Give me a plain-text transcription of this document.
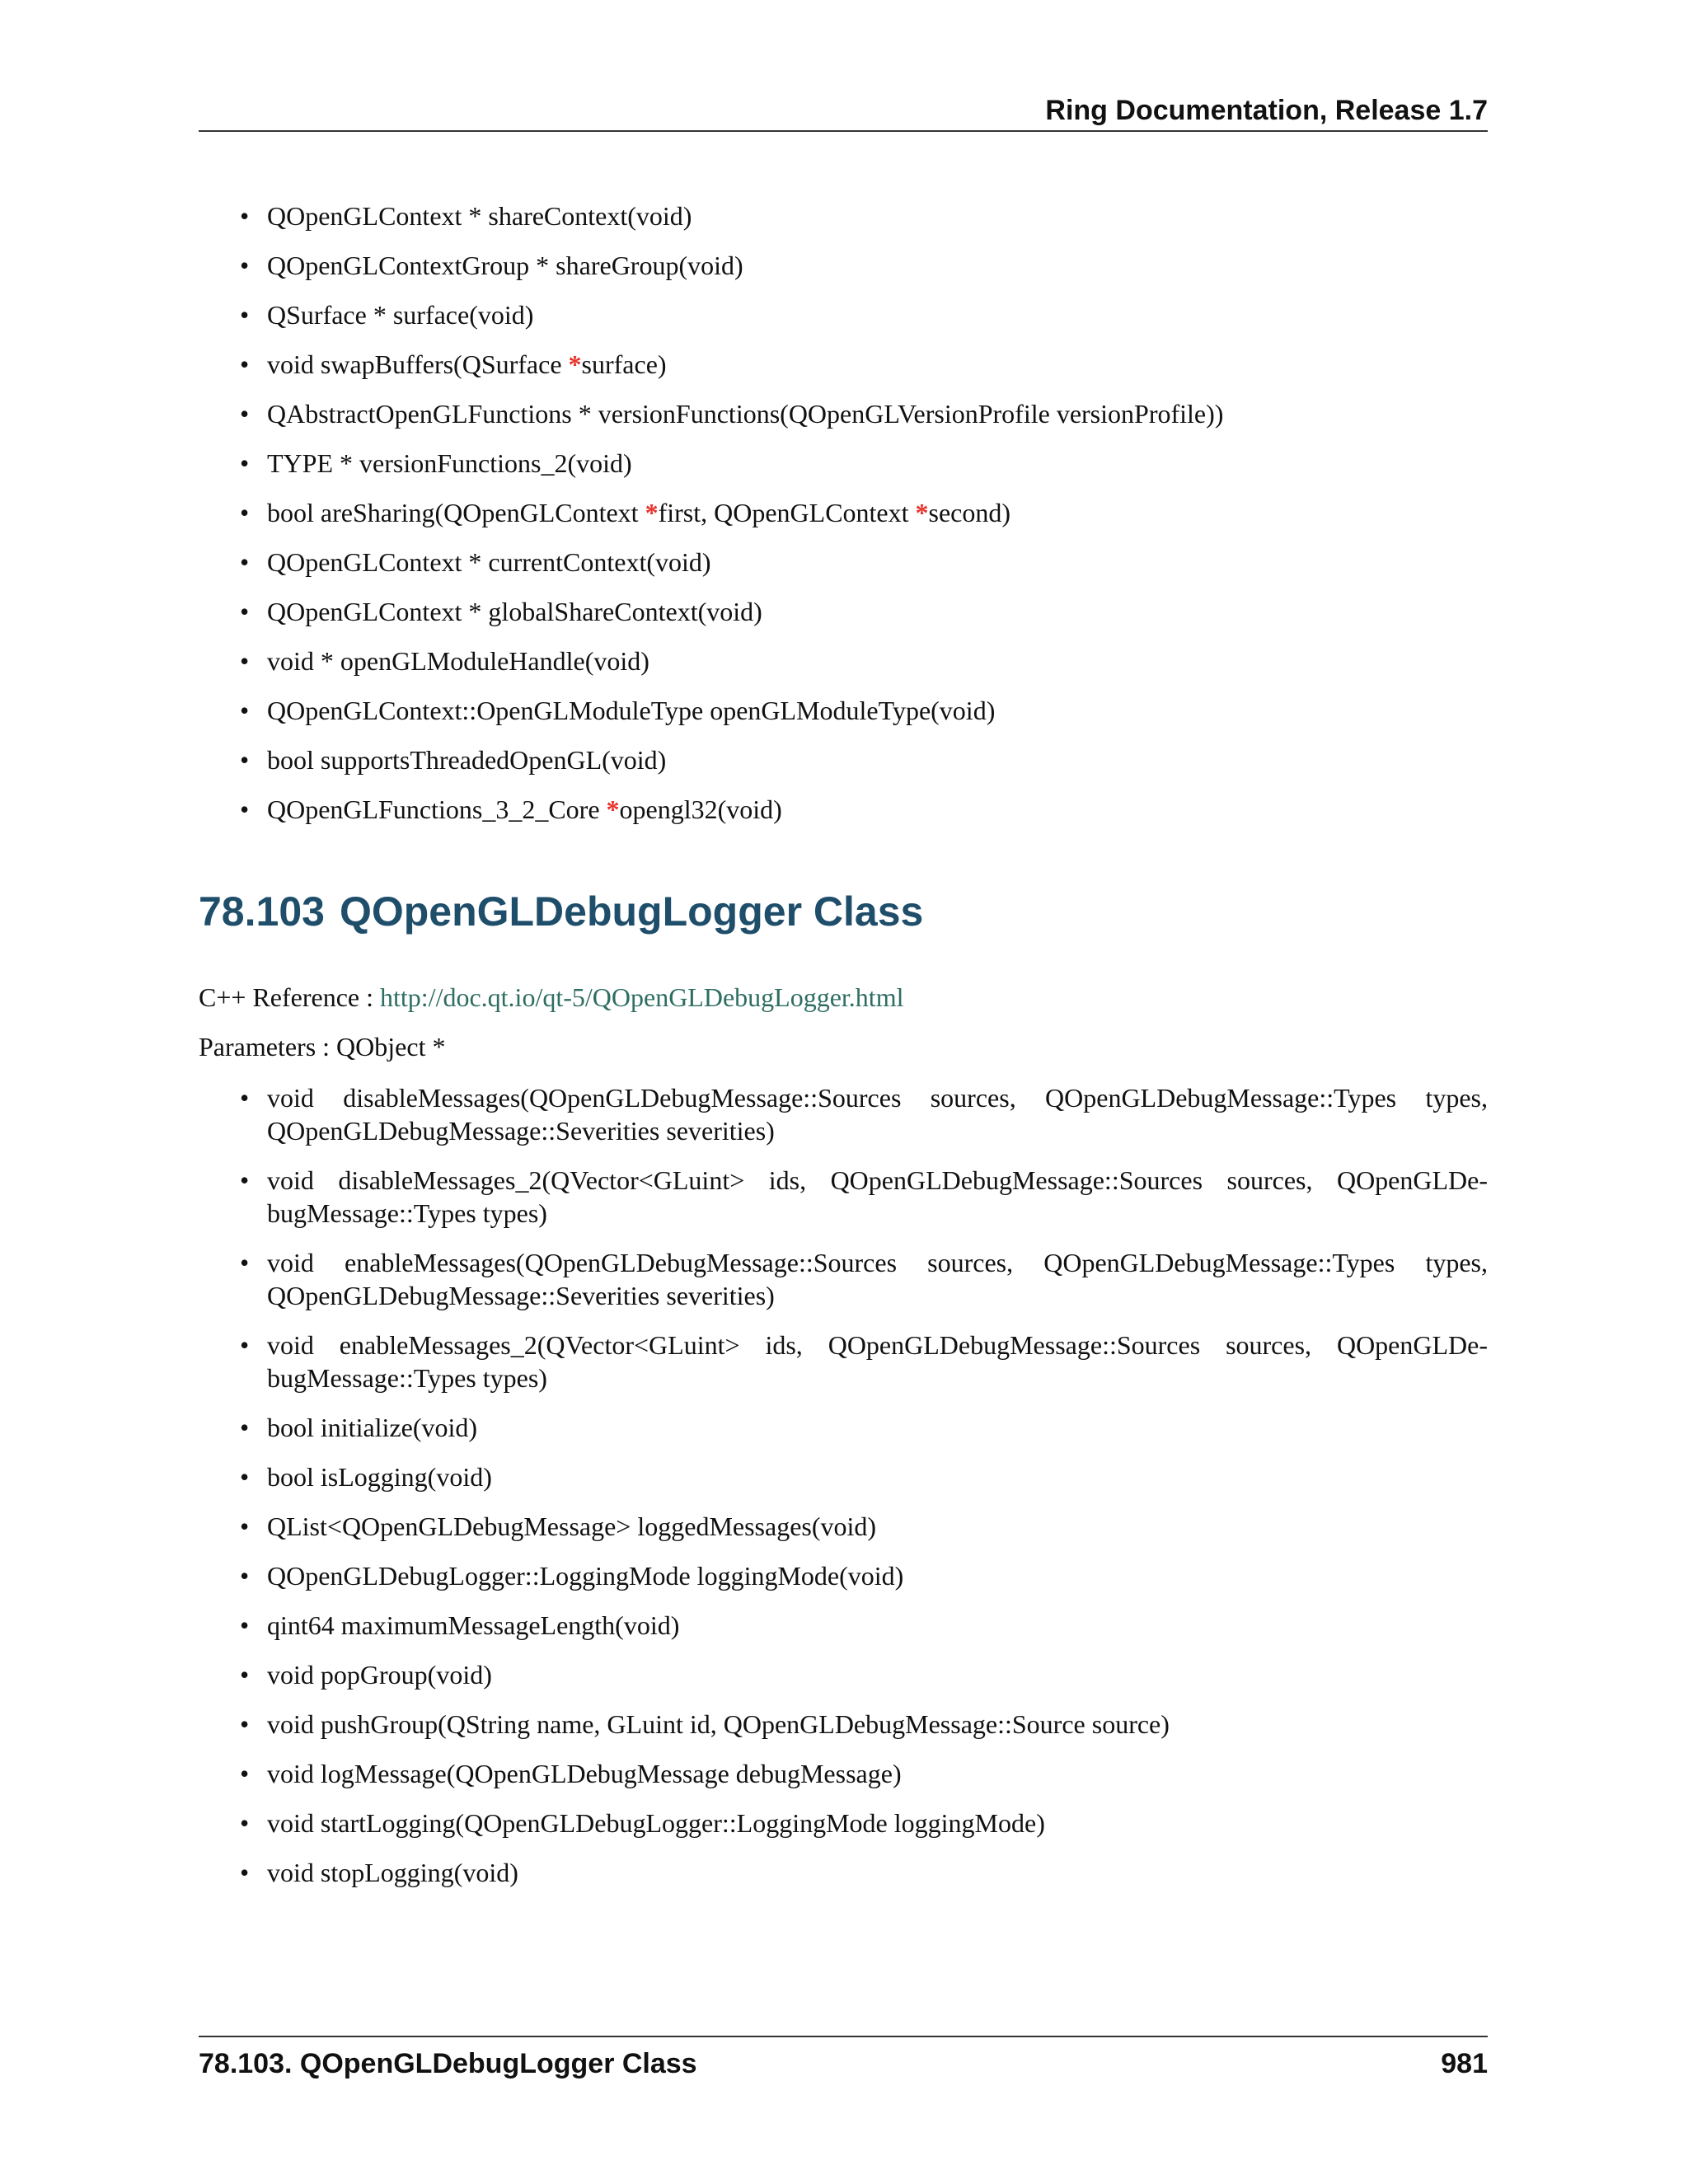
Ring Documentation, Release 1.7
• QOpenGLContext * shareContext(void)
• QOpenGLContextGroup * shareGroup(void)
• QSurface * surface(void)
• void swapBuffers(QSurface *surface)
• QAbstractOpenGLFunctions * versionFunctions(QOpenGLVersionProfile versionProfile))
• TYPE * versionFunctions_2(void)
• bool areSharing(QOpenGLContext *first, QOpenGLContext *second)
• QOpenGLContext * currentContext(void)
• QOpenGLContext * globalShareContext(void)
• void * openGLModuleHandle(void)
• QOpenGLContext::OpenGLModuleType openGLModuleType(void)
• bool supportsThreadedOpenGL(void)
• QOpenGLFunctions_3_2_Core *opengl32(void)
78.103 QOpenGLDebugLogger Class

C++ Reference : http://doc.qt.io/qt-5/QOpenGLDebugLogger.html

Parameters : QObject *

• void disableMessages(QOpenGLDebugMessage::Sources sources, QOpenGLDebugMessage::Types types, QOpenGLDebugMessage::Severities severities)
• void disableMessages_2(QVector<GLuint> ids, QOpenGLDebugMessage::Sources sources, QOpenGLDe-bugMessage::Types types)
• void enableMessages(QOpenGLDebugMessage::Sources sources, QOpenGLDebugMessage::Types types, QOpenGLDebugMessage::Severities severities)
• void enableMessages_2(QVector<GLuint> ids, QOpenGLDebugMessage::Sources sources, QOpenGLDe-bugMessage::Types types)
• bool initialize(void)
• bool isLogging(void)
• QList<QOpenGLDebugMessage> loggedMessages(void)
• QOpenGLDebugLogger::LoggingMode loggingMode(void)
• qint64 maximumMessageLength(void)
• void popGroup(void)
• void pushGroup(QString name, GLuint id, QOpenGLDebugMessage::Source source)
• void logMessage(QOpenGLDebugMessage debugMessage)
• void startLogging(QOpenGLDebugLogger::LoggingMode loggingMode)
• void stopLogging(void)
78.103. QOpenGLDebugLogger Class	981
